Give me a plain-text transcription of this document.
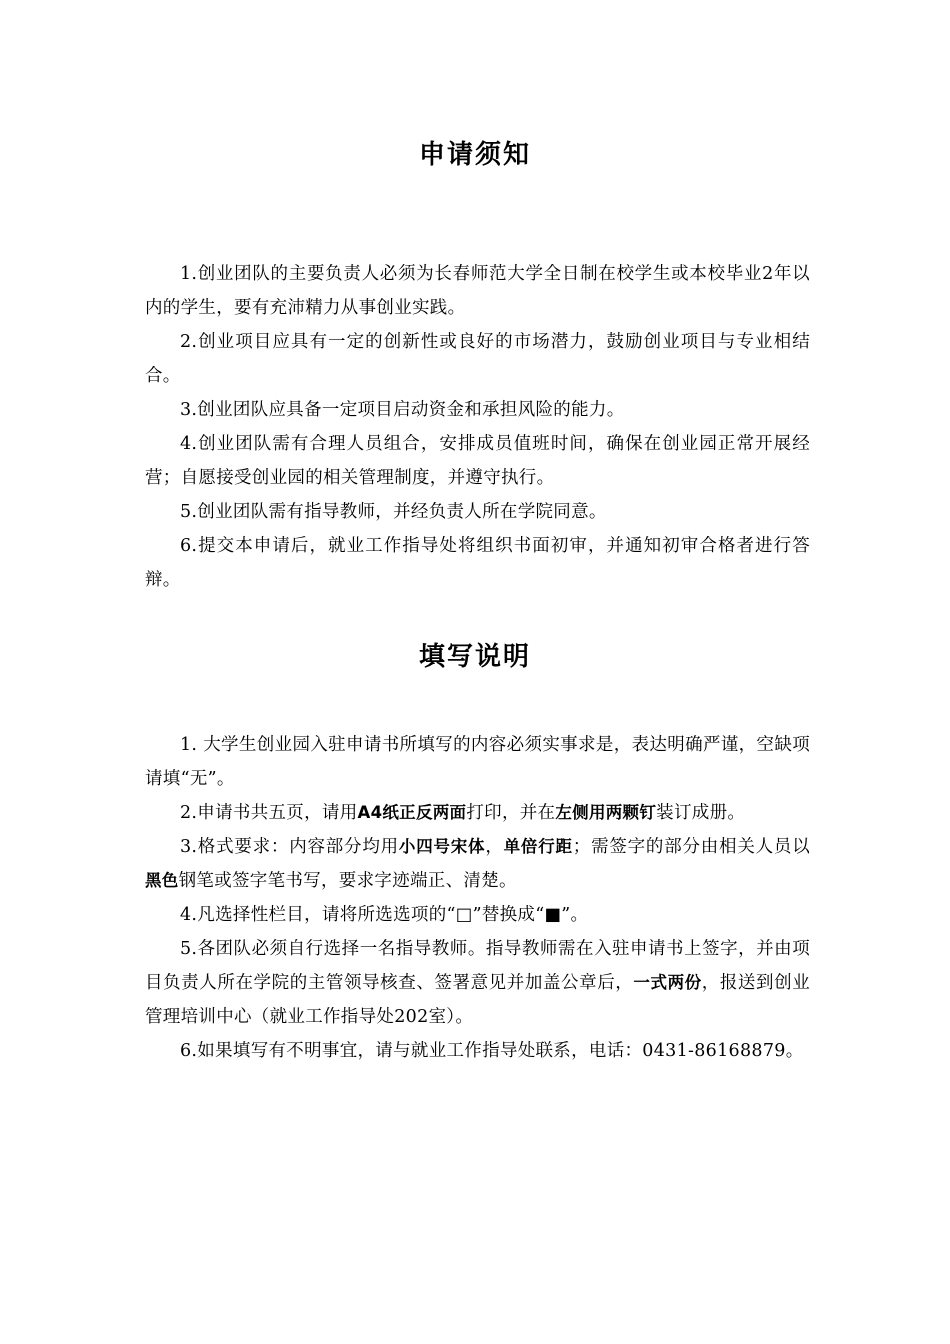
申请须知

1.创业团队的主要负责人必须为长春师范大学全日制在校学生或本校毕业2年以内的学生，要有充沛精力从事创业实践。

2.创业项目应具有一定的创新性或良好的市场潜力，鼓励创业项目与专业相结合。

3.创业团队应具备一定项目启动资金和承担风险的能力。

4.创业团队需有合理人员组合，安排成员值班时间，确保在创业园正常开展经营；自愿接受创业园的相关管理制度，并遵守执行。

5.创业团队需有指导教师，并经负责人所在学院同意。

6.提交本申请后，就业工作指导处将组织书面初审，并通知初审合格者进行答辩。

填写说明

1. 大学生创业园入驻申请书所填写的内容必须实事求是，表达明确严谨，空缺项请填“无”。

2.申请书共五页，请用A4纸正反两面打印，并在左侧用两颗钉装订成册。

3.格式要求：内容部分均用小四号宋体，单倍行距；需签字的部分由相关人员以黑色钢笔或签字笔书写，要求字迹端正、清楚。

4.凡选择性栏目，请将所选选项的“□”替换成“■”。

5.各团队必须自行选择一名指导教师。指导教师需在入驻申请书上签字，并由项目负责人所在学院的主管领导核查、签署意见并加盖公章后，一式两份，报送到创业管理培训中心（就业工作指导处202室）。

6.如果填写有不明事宜，请与就业工作指导处联系，电话：0431-86168879。
